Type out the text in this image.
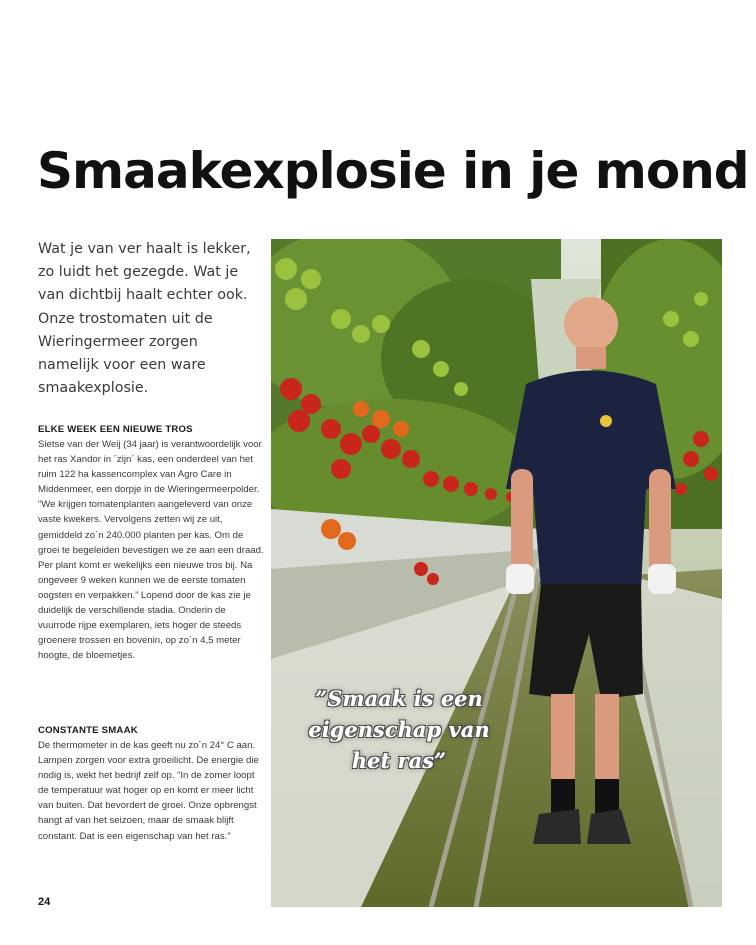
Smaakexplosie in je mond

Wat je van ver haalt is lekker, zo luidt het gezegde. Wat je van dichtbij haalt echter ook. Onze trostomaten uit de Wieringermeer zorgen namelijk voor een ware smaakexplosie.

ELKE WEEK EEN NIEUWE TROS

Sietse van der Weij (34 jaar) is verantwoordelijk voor het ras Xandor in ´zijn´ kas, een onderdeel van het ruim 122 ha kassencomplex van Agro Care in Middenmeer, een dorpje in de Wieringermeerpolder. “We krijgen tomatenplanten aangeleverd van onze vaste kwekers. Vervolgens zetten wij ze uit, gemiddeld zo´n 240.000 planten per kas. Om de groei te begeleiden bevestigen we ze aan een draad. Per plant komt er wekelijks een nieuwe tros bij. Na ongeveer 9 weken kunnen we de eerste tomaten oogsten en verpakken.” Lopend door de kas zie je duidelijk de verschillende stadia. Onderin de vuurrode rijpe exemplaren, iets hoger de steeds groenere trossen en bovenin, op zo´n 4,5 meter hoogte, de bloemetjes.

CONSTANTE SMAAK

De thermometer in de kas geeft nu zo´n 24° C aan. Lampen zorgen voor extra groeilicht. De energie die nodig is, wekt het bedrijf zelf op. “In de zomer loopt de temperatuur wat hoger op en komt er meer licht van buiten. Dat bevordert de groei. Onze opbrengst hangt af van het seizoen, maar de smaak blijft constant. Dat is een eigenschap van het ras.”

24
”Smaak is een eigenschap van het ras”
